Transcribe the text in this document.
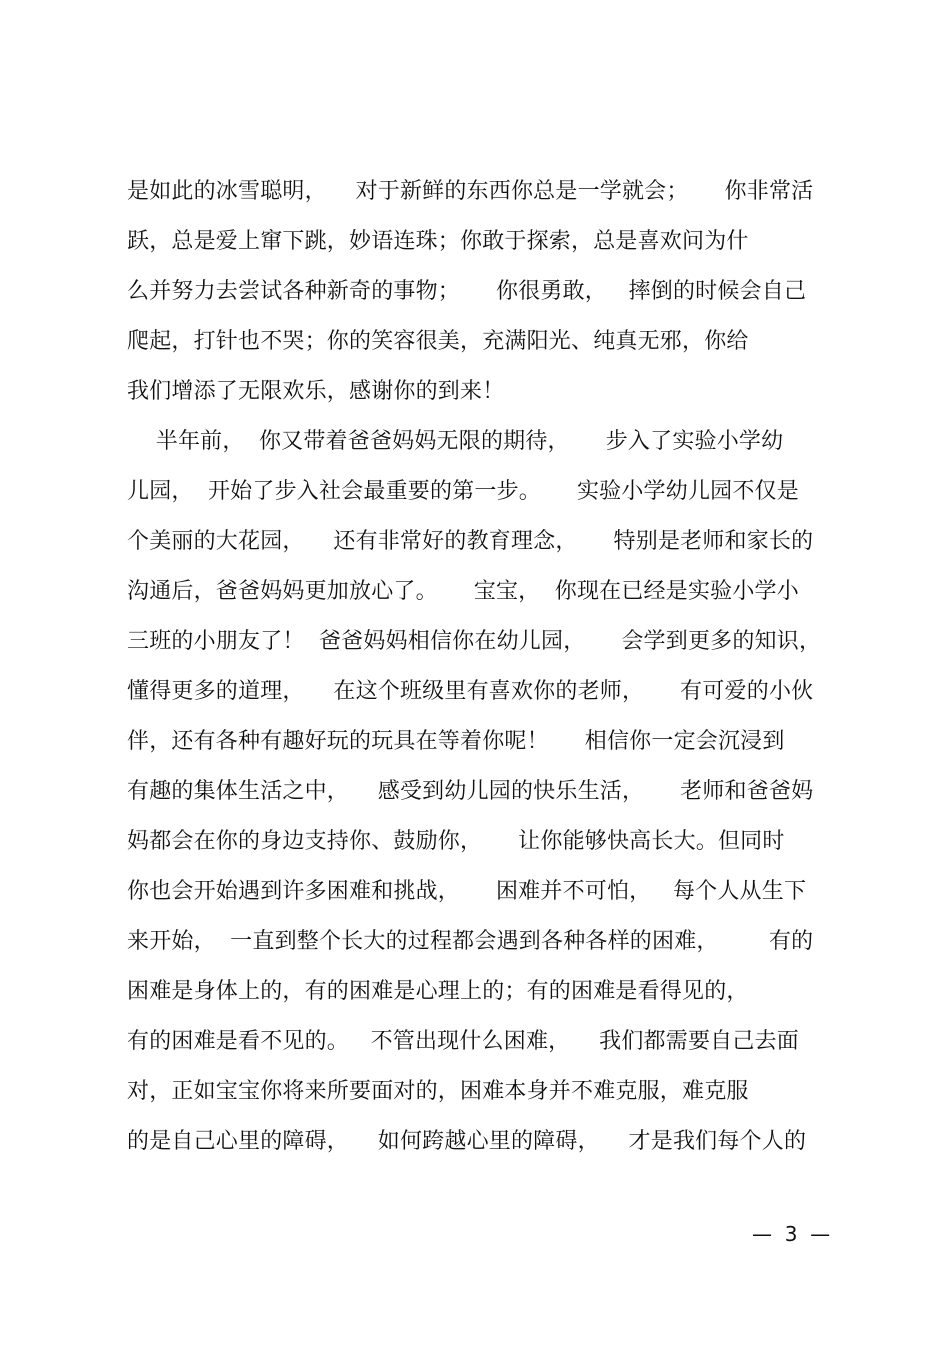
是如此的冰雪聪明，    对于新鲜的东西你总是一学就会；     你非常活
跃，总是爱上窜下跳，妙语连珠；你敢于探索，总是喜欢问为什
么并努力去尝试各种新奇的事物；     你很勇敢，   摔倒的时候会自己
爬起，打针也不哭；你的笑容很美，充满阳光、纯真无邪，你给
我们增添了无限欢乐，感谢你的到来！
半年前，  你又带着爸爸妈妈无限的期待，     步入了实验小学幼
儿园，  开始了步入社会最重要的第一步。     实验小学幼儿园不仅是
个美丽的大花园，    还有非常好的教育理念，     特别是老师和家长的
沟通后，爸爸妈妈更加放心了。     宝宝，  你现在已经是实验小学小
三班的小朋友了！  爸爸妈妈相信你在幼儿园，     会学到更多的知识，
懂得更多的道理，    在这个班级里有喜欢你的老师，     有可爱的小伙
伴，还有各种有趣好玩的玩具在等着你呢！     相信你一定会沉浸到
有趣的集体生活之中，    感受到幼儿园的快乐生活，     老师和爸爸妈
妈都会在你的身边支持你、鼓励你，     让你能够快高长大。但同时
你也会开始遇到许多困难和挑战，     困难并不可怕，   每个人从生下
来开始，  一直到整个长大的过程都会遇到各种各样的困难，       有的
困难是身体上的，有的困难是心理上的；有的困难是看得见的，
有的困难是看不见的。   不管出现什么困难，    我们都需要自己去面
对，正如宝宝你将来所要面对的，困难本身并不难克服，难克服
的是自己心里的障碍，    如何跨越心里的障碍，    才是我们每个人的
—  3  —
